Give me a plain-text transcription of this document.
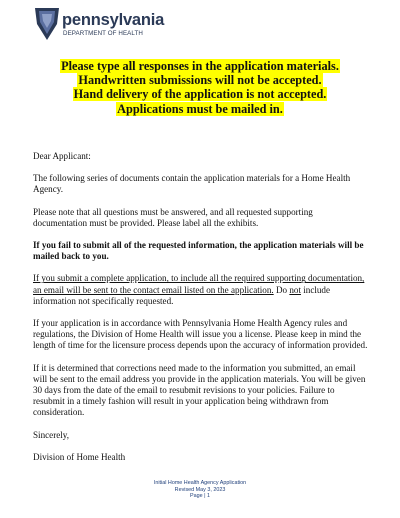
pennsylvania
DEPARTMENT OF HEALTH
Please type all responses in the application materials.
Handwritten submissions will not be accepted.
Hand delivery of the application is not accepted.
Applications must be mailed in.

Dear Applicant:

The following series of documents contain the application materials for a Home Health Agency.

Please note that all questions must be answered, and all requested supporting documentation must be provided. Please label all the exhibits.

If you fail to submit all of the requested information, the application materials will be mailed back to you.

If you submit a complete application, to include all the required supporting documentation, an email will be sent to the contact email listed on the application. Do not include information not specifically requested.

If your application is in accordance with Pennsylvania Home Health Agency rules and regulations, the Division of Home Health will issue you a license. Please keep in mind the length of time for the licensure process depends upon the accuracy of information provided.

If it is determined that corrections need made to the information you submitted, an email will be sent to the email address you provide in the application materials. You will be given 30 days from the date of the email to resubmit revisions to your policies. Failure to resubmit in a timely fashion will result in your application being withdrawn from consideration.

Sincerely,

Division of Home Health

Initial Home Health Agency Application
Revised May 3, 2023
Page | 1
